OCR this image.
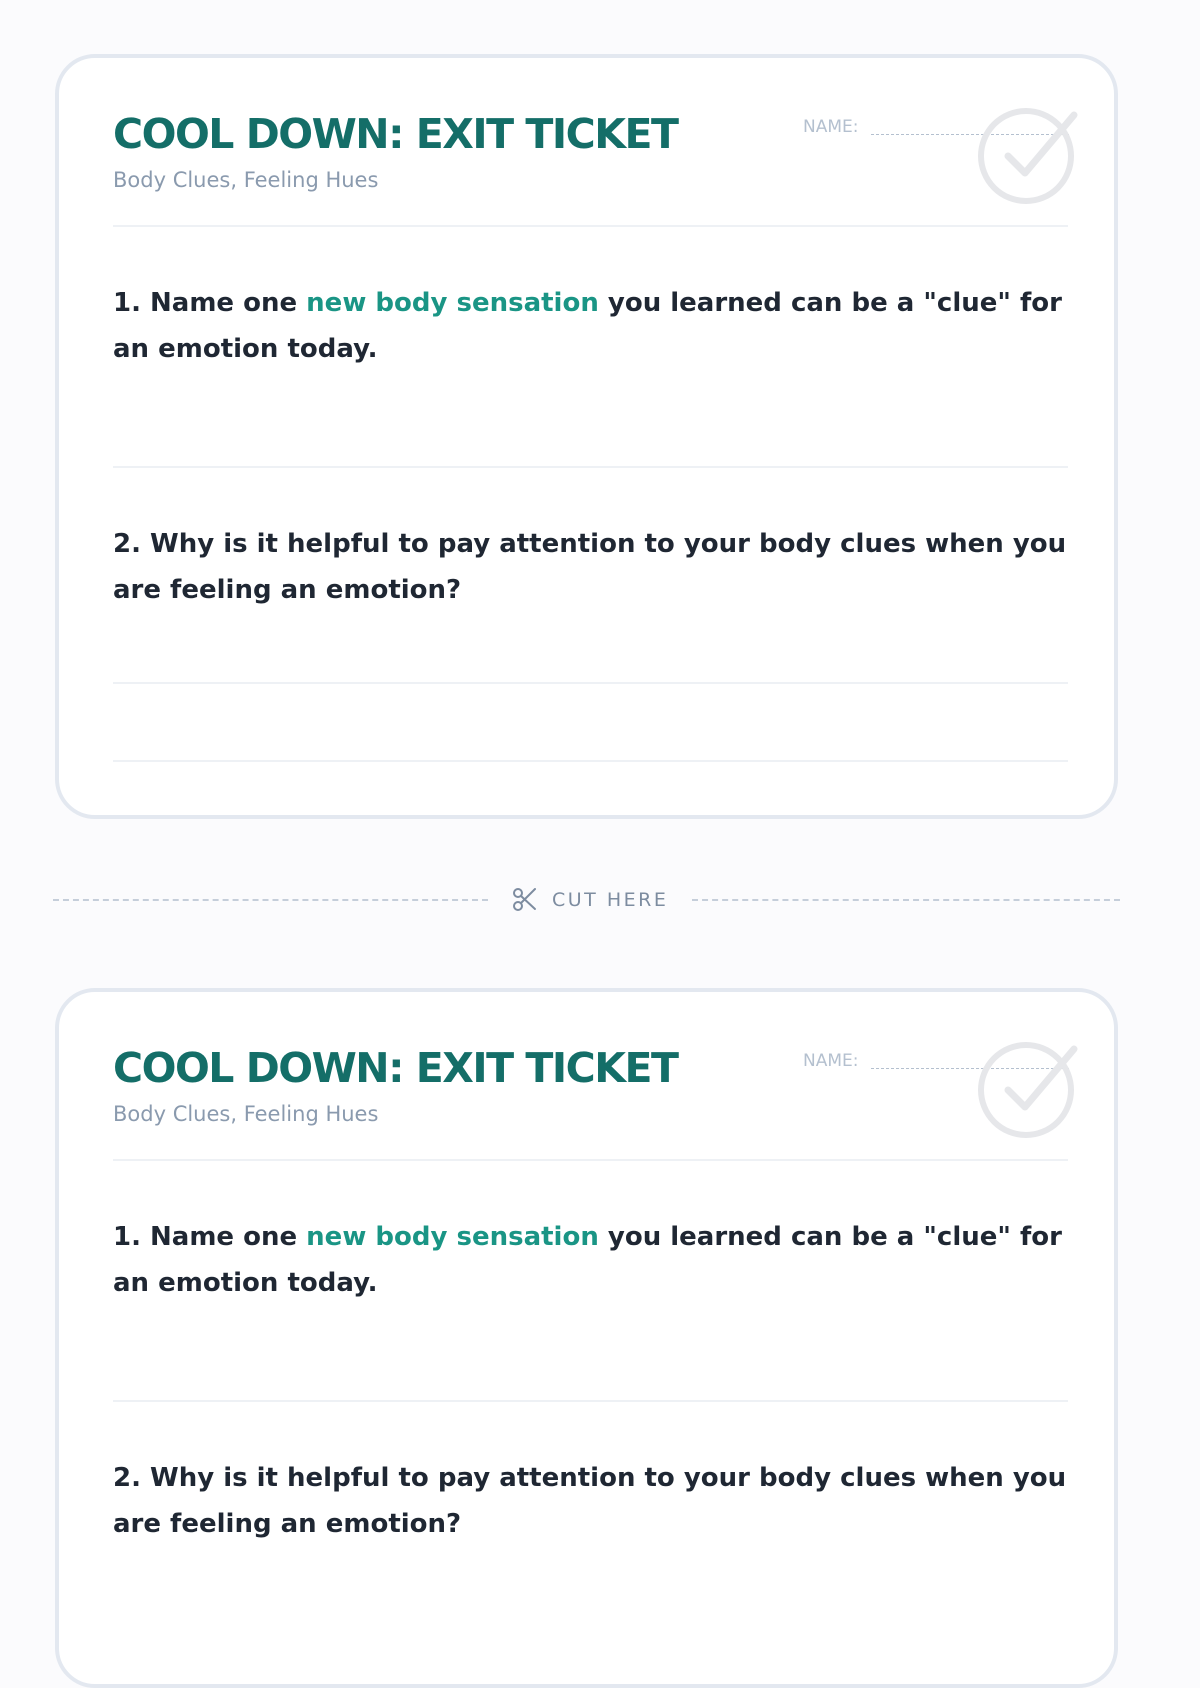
COOL DOWN: EXIT TICKET
Body Clues, Feeling Hues
NAME:

1. Name one new body sensation you learned can be a "clue" for an emotion today.

2. Why is it helpful to pay attention to your body clues when you are feeling an emotion?

CUT HERE
COOL DOWN: EXIT TICKET
Body Clues, Feeling Hues
NAME:

1. Name one new body sensation you learned can be a "clue" for an emotion today.

2. Why is it helpful to pay attention to your body clues when you are feeling an emotion?
